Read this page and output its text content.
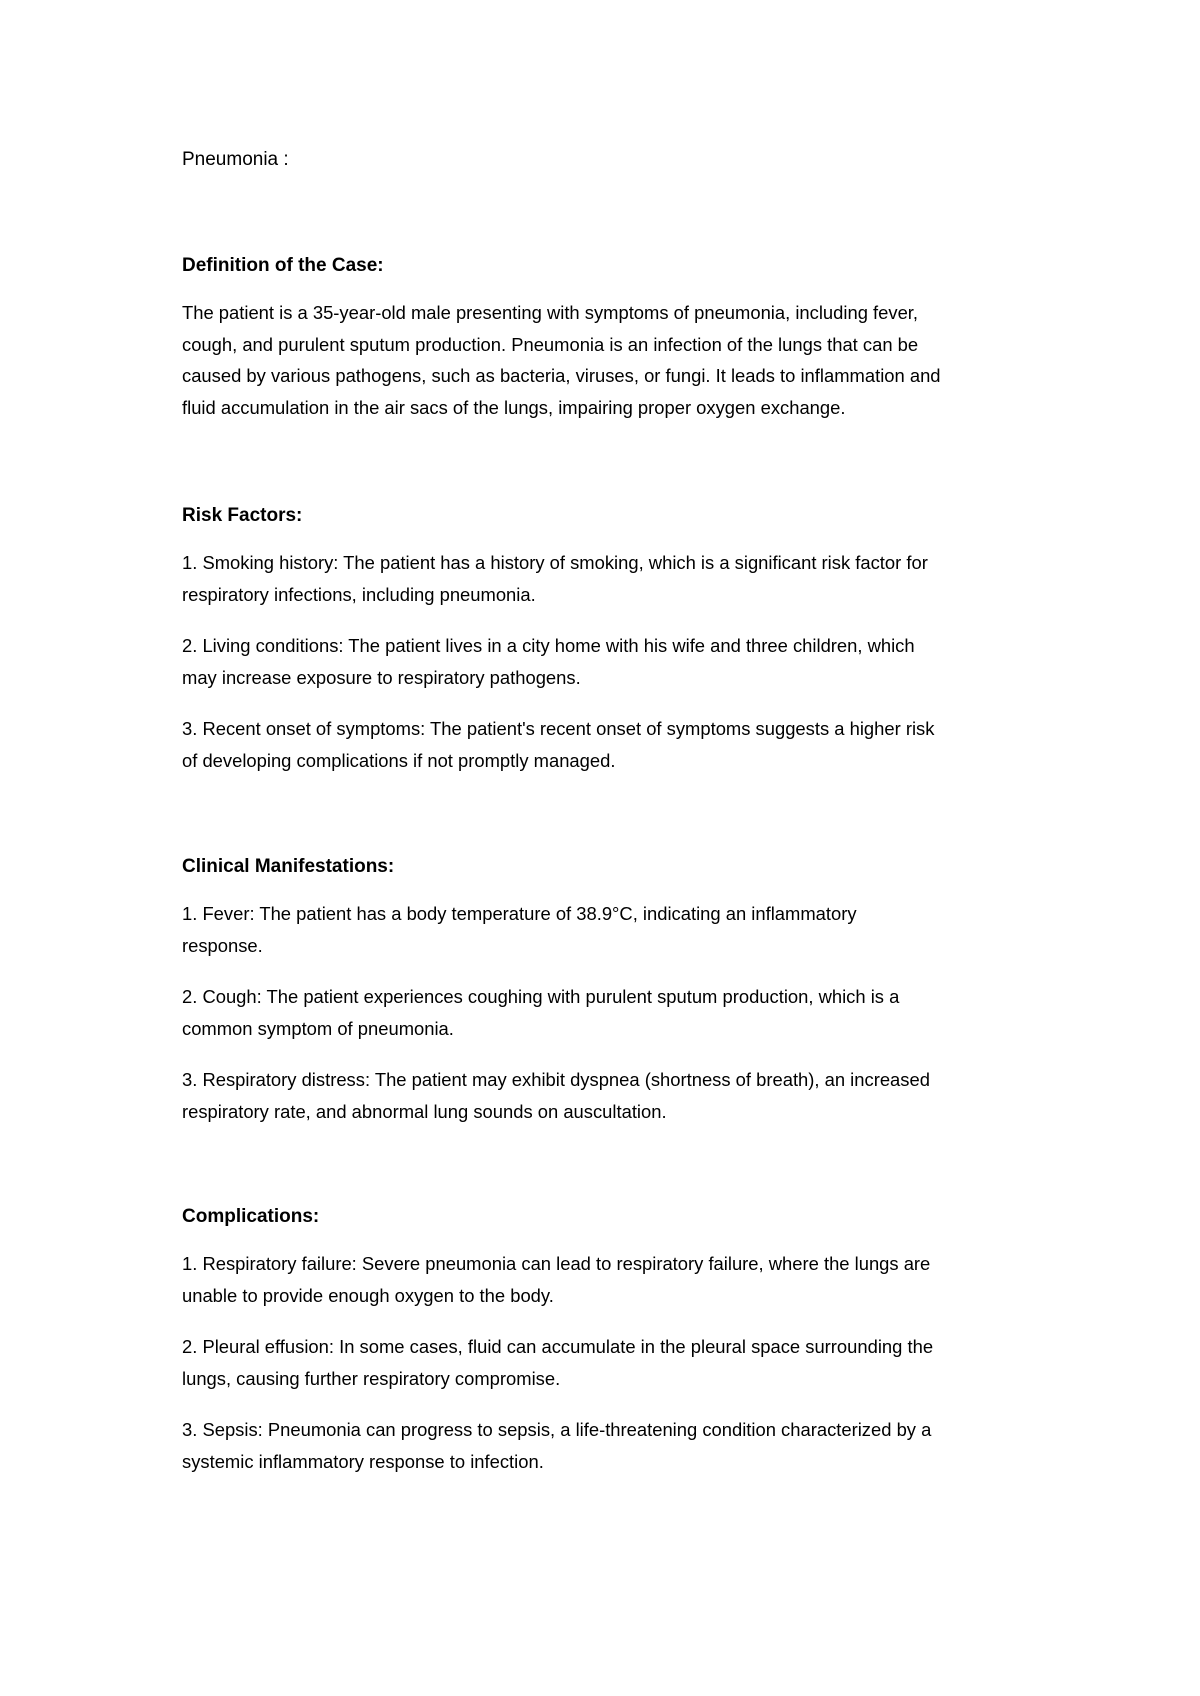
Pneumonia :
Definition of the Case:
The patient is a 35-year-old male presenting with symptoms of pneumonia, including fever,
cough, and purulent sputum production. Pneumonia is an infection of the lungs that can be
caused by various pathogens, such as bacteria, viruses, or fungi. It leads to inflammation and
fluid accumulation in the air sacs of the lungs, impairing proper oxygen exchange.
Risk Factors:
1. Smoking history: The patient has a history of smoking, which is a significant risk factor for
respiratory infections, including pneumonia.
2. Living conditions: The patient lives in a city home with his wife and three children, which
may increase exposure to respiratory pathogens.
3. Recent onset of symptoms: The patient's recent onset of symptoms suggests a higher risk
of developing complications if not promptly managed.
Clinical Manifestations:
1. Fever: The patient has a body temperature of 38.9°C, indicating an inflammatory
response.
2. Cough: The patient experiences coughing with purulent sputum production, which is a
common symptom of pneumonia.
3. Respiratory distress: The patient may exhibit dyspnea (shortness of breath), an increased
respiratory rate, and abnormal lung sounds on auscultation.
Complications:
1. Respiratory failure: Severe pneumonia can lead to respiratory failure, where the lungs are
unable to provide enough oxygen to the body.
2. Pleural effusion: In some cases, fluid can accumulate in the pleural space surrounding the
lungs, causing further respiratory compromise.
3. Sepsis: Pneumonia can progress to sepsis, a life-threatening condition characterized by a
systemic inflammatory response to infection.
